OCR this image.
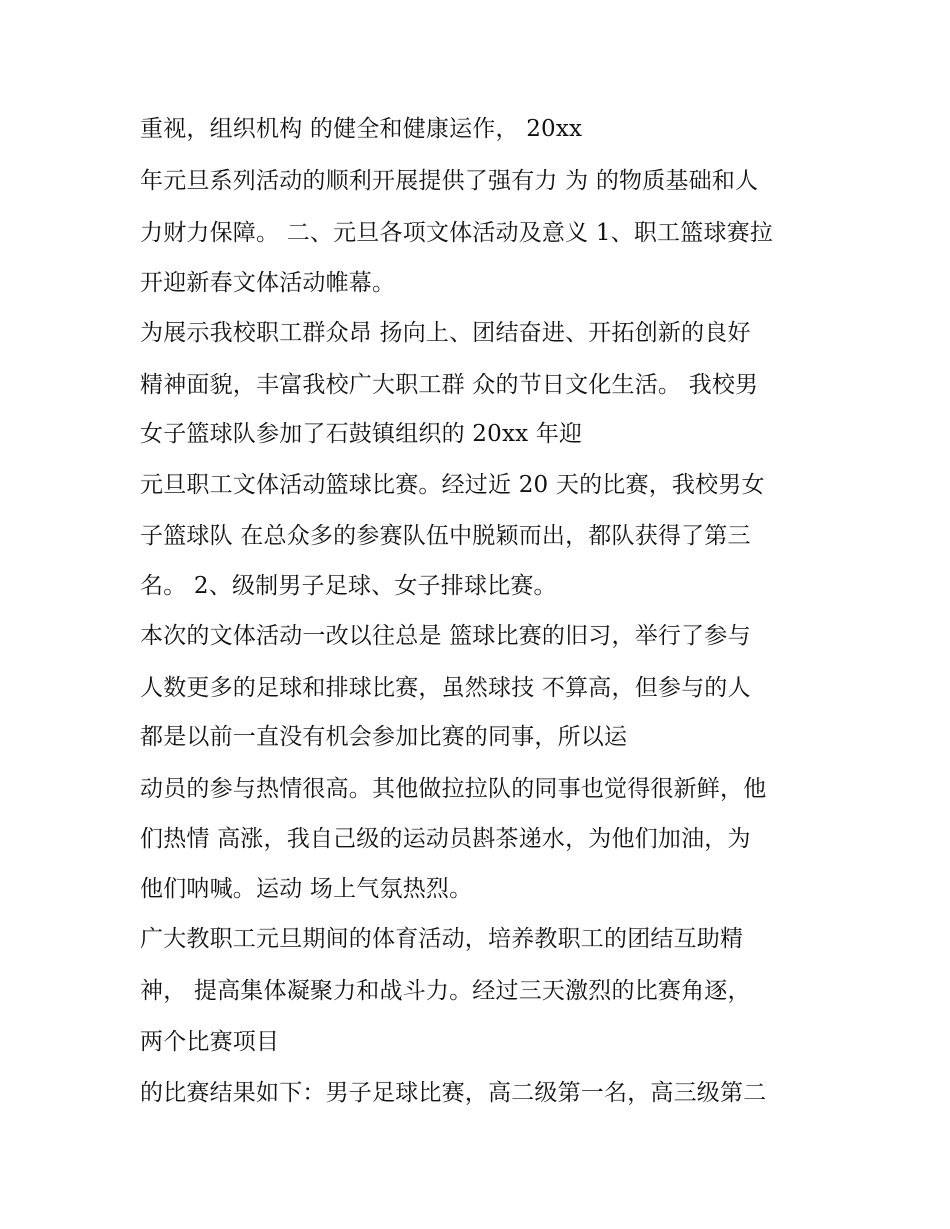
重视，组织机构 的健全和健康运作， 20xx
年元旦系列活动的顺利开展提供了强有力 为 的物质基础和人
力财力保障。 二、元旦各项文体活动及意义 1、职工篮球赛拉
开迎新春文体活动帷幕。
为展示我校职工群众昂 扬向上、团结奋进、开拓创新的良好
精神面貌，丰富我校广大职工群 众的节日文化生活。 我校男
女子篮球队参加了石鼓镇组织的 20xx 年迎
元旦职工文体活动篮球比赛。经过近 20 天的比赛，我校男女
子篮球队 在总众多的参赛队伍中脱颖而出，都队获得了第三
名。 2、级制男子足球、女子排球比赛。
本次的文体活动一改以往总是 篮球比赛的旧习，举行了参与
人数更多的足球和排球比赛，虽然球技 不算高，但参与的人
都是以前一直没有机会参加比赛的同事，所以运
动员的参与热情很高。其他做拉拉队的同事也觉得很新鲜，他
们热情 高涨，我自己级的运动员斟茶递水，为他们加油，为
他们呐喊。运动 场上气氛热烈。
广大教职工元旦期间的体育活动，培养教职工的团结互助精
神， 提高集体凝聚力和战斗力。经过三天激烈的比赛角逐，
两个比赛项目
的比赛结果如下：男子足球比赛，高二级第一名，高三级第二
